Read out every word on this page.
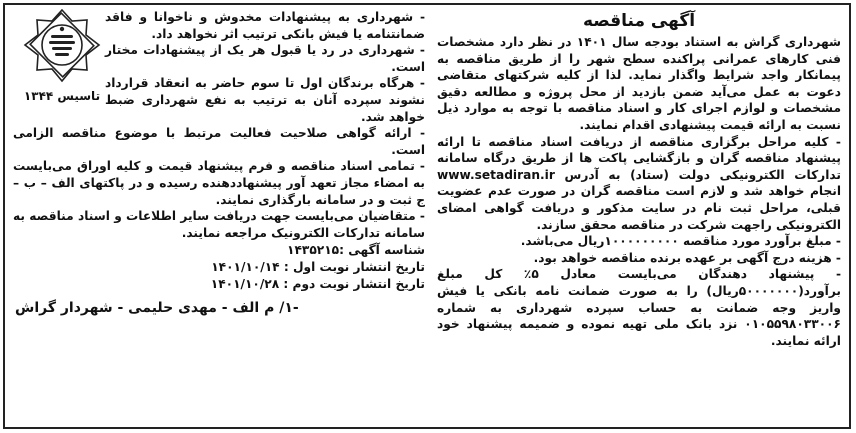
آگهی مناقصه

شهرداری گراش به استناد بودجه سال ۱۴۰۱ در نظر دارد مشخصات فنی کارهای عمرانی پراکنده سطح شهر را از طریق مناقصه به پیمانکار واجد شرایط واگذار نماید. لذا از کلیه شرکتهای متقاضی دعوت به عمل می‌آید ضمن بازدید از محل پروژه و مطالعه دقیق مشخصات و لوازم اجرای کار و اسناد مناقصه با توجه به موارد ذیل نسبت به ارائه قیمت پیشنهادی اقدام نمایند.

- کلیه مراحل برگزاری مناقصه از دریافت اسناد مناقصه تا ارائه پیشنهاد مناقصه گران و بازگشایی پاکت ها از طریق درگاه سامانه تدارکات الکترونیکی دولت (ستاد) به آدرس www.setadiran.ir انجام خواهد شد و لازم است مناقصه گران در صورت عدم عضویت قبلی، مراحل ثبت نام در سایت مذکور و دریافت گواهی امضای الکترونیکی راجهت شرکت در مناقصه محقق سازند.

- مبلغ برآورد مورد مناقصه ۱۰۰۰۰۰۰۰۰۰ریال می‌باشد.

- هزینه درج آگهی بر عهده برنده مناقصه خواهد بود.

- پیشنهاد دهندگان می‌بایست معادل ۵٪ کل مبلغ برآورد(۵۰۰۰۰۰۰۰ریال) را به صورت ضمانت نامه بانکی یا فیش واریز وجه ضمانت به حساب سپرده شهرداری به شماره ۰۱۰۵۵۹۸۰۳۳۰۰۶ نزد بانک ملی تهیه نموده و ضمیمه پیشنهاد خود ارائه نمایند.

تاسیس ۱۳۴۴

- شهرداری به پیشنهادات مخدوش و ناخوانا و فاقد ضمانتنامه یا فیش بانکی ترتیب اثر نخواهد داد.

- شهرداری در رد یا قبول هر یک از پیشنهادات مختار است.

- هرگاه برندگان اول تا سوم حاضر به انعقاد قرارداد نشوند سپرده آنان به ترتیب به نفع شهرداری ضبط خواهد شد.

- ارائه گواهی صلاحیت فعالیت مرتبط با موضوع مناقصه الزامی است.

- تمامی اسناد مناقصه و فرم پیشنهاد قیمت و کلیه اوراق می‌بایست به امضاء مجاز تعهد آور پیشنهاددهنده رسیده و در پاکتهای الف – ب – ج ثبت و در سامانه بارگذاری نمایند.

- متقاضیان می‌بایست جهت دریافت سایر اطلاعات و اسناد مناقصه به سامانه تدارکات الکترونیک مراجعه نمایند.

شناسه آگهی :۱۴۳۵۲۱۵

تاریخ انتشار نوبت اول : ۱۴۰۱/۱۰/۱۴

تاریخ انتشار نوبت دوم : ۱۴۰۱/۱۰/۲۸

-۱/ م الف - مهدی حلیمی - شهردار گراش
